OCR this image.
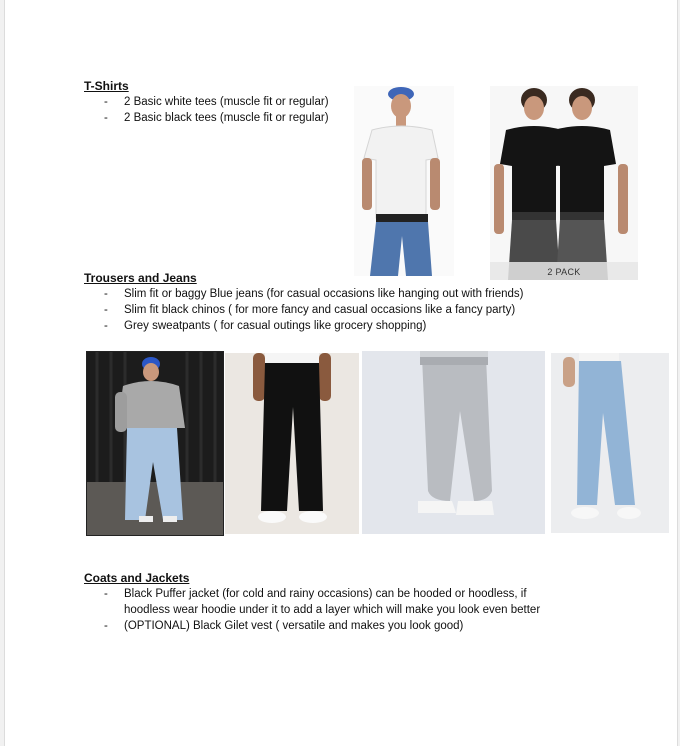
T-Shirts
- 2 Basic white tees (muscle fit or regular)
- 2 Basic black tees (muscle fit or regular)
2 PACK
Trousers and Jeans
- Slim fit or baggy Blue jeans (for casual occasions like hanging out with friends)
- Slim fit black chinos ( for more fancy and casual occasions like a fancy party)
- Grey sweatpants ( for casual outings like grocery shopping)
Coats and Jackets
- Black Puffer jacket (for cold and rainy occasions) can be hooded or hoodless, if hoodless wear hoodie under it to add a layer which will make you look even better
- (OPTIONAL) Black Gilet vest ( versatile and makes you look good)
